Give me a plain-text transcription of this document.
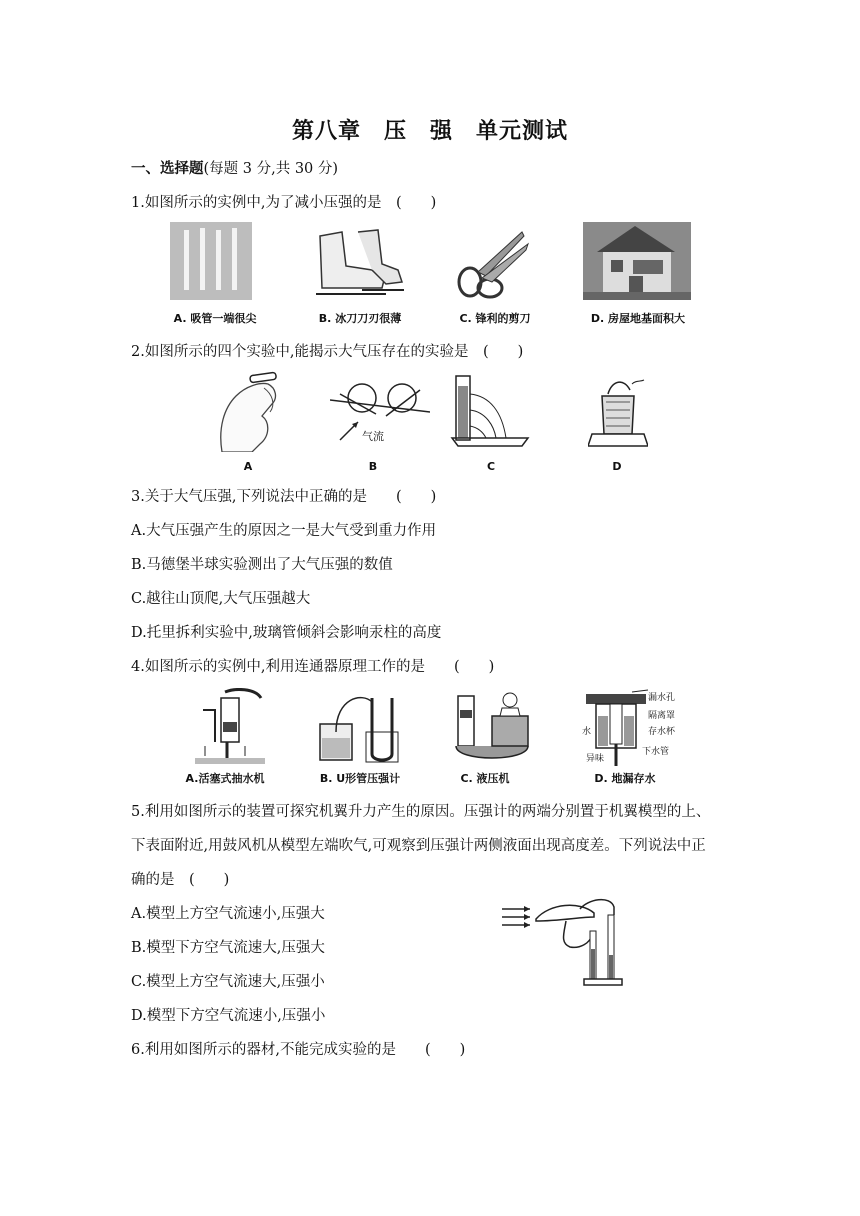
第八章　压　强　单元测试
一、选择题(每题 3 分,共 30 分)
1.如图所示的实例中,为了减小压强的是　(　　)
A. 吸管一端很尖	B. 冰刀刀刃很薄	C. 锋利的剪刀	D. 房屋地基面积大
2.如图所示的四个实验中,能揭示大气压存在的实验是　(　　)
气流
A	B	C	D
3.关于大气压强,下列说法中正确的是　　(　　)
A.大气压强产生的原因之一是大气受到重力作用
B.马德堡半球实验测出了大气压强的数值
C.越往山顶爬,大气压强越大
D.托里拆利实验中,玻璃管倾斜会影响汞柱的高度
4.如图所示的实例中,利用连通器原理工作的是　　(　　)
漏水孔
隔离罩
存水杯
水
异味
下水管
A.活塞式抽水机	B. U形管压强计	C. 液压机	D. 地漏存水
5.利用如图所示的装置可探究机翼升力产生的原因。压强计的两端分别置于机翼模型的上、
下表面附近,用鼓风机从模型左端吹气,可观察到压强计两侧液面出现高度差。下列说法中正
确的是　(　　)
A.模型上方空气流速小,压强大
B.模型下方空气流速大,压强大
C.模型上方空气流速大,压强小
D.模型下方空气流速小,压强小
6.利用如图所示的器材,不能完成实验的是　　(　　)
